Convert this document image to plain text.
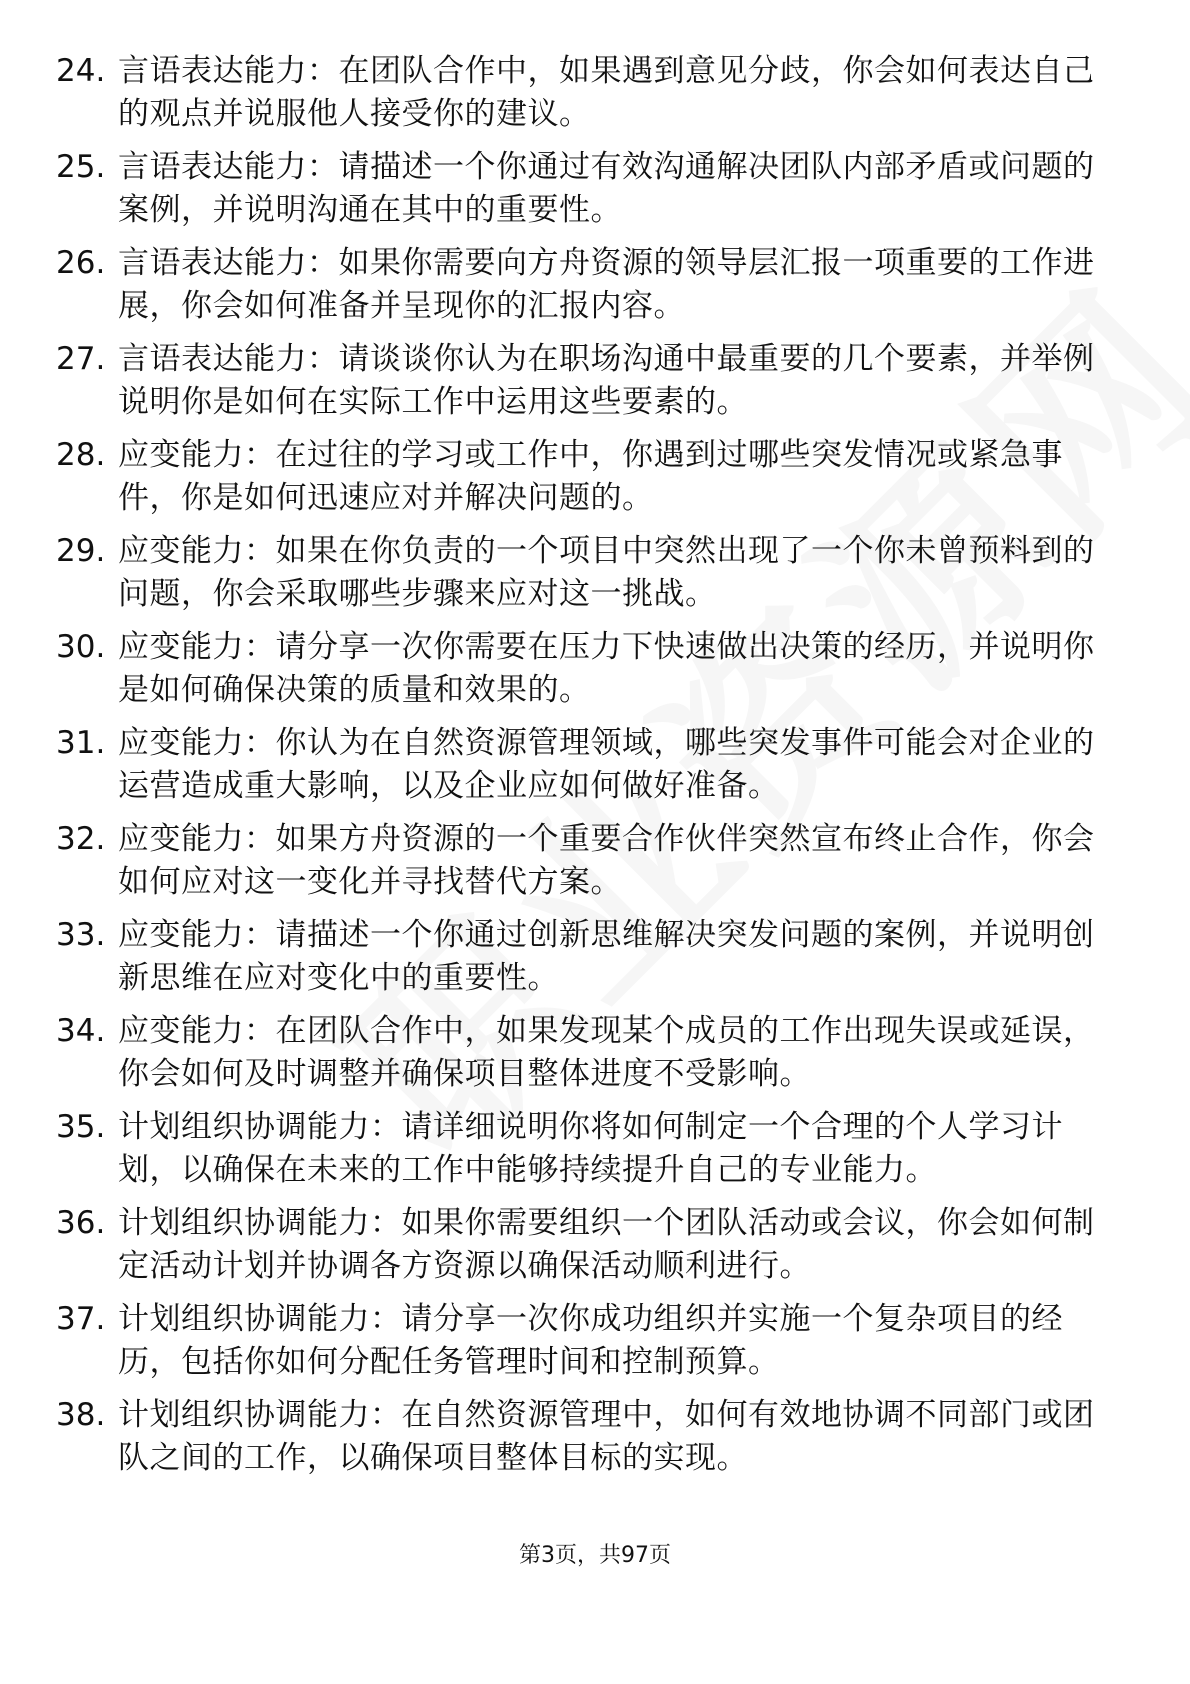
24. 言语表达能力：在团队合作中，如果遇到意见分歧，你会如何表达自己的观点并说服他人接受你的建议。
25. 言语表达能力：请描述一个你通过有效沟通解决团队内部矛盾或问题的案例，并说明沟通在其中的重要性。
26. 言语表达能力：如果你需要向方舟资源的领导层汇报一项重要的工作进展，你会如何准备并呈现你的汇报内容。
27. 言语表达能力：请谈谈你认为在职场沟通中最重要的几个要素，并举例说明你是如何在实际工作中运用这些要素的。
28. 应变能力：在过往的学习或工作中，你遇到过哪些突发情况或紧急事件，你是如何迅速应对并解决问题的。
29. 应变能力：如果在你负责的一个项目中突然出现了一个你未曾预料到的问题，你会采取哪些步骤来应对这一挑战。
30. 应变能力：请分享一次你需要在压力下快速做出决策的经历，并说明你是如何确保决策的质量和效果的。
31. 应变能力：你认为在自然资源管理领域，哪些突发事件可能会对企业的运营造成重大影响，以及企业应如何做好准备。
32. 应变能力：如果方舟资源的一个重要合作伙伴突然宣布终止合作，你会如何应对这一变化并寻找替代方案。
33. 应变能力：请描述一个你通过创新思维解决突发问题的案例，并说明创新思维在应对变化中的重要性。
34. 应变能力：在团队合作中，如果发现某个成员的工作出现失误或延误，你会如何及时调整并确保项目整体进度不受影响。
35. 计划组织协调能力：请详细说明你将如何制定一个合理的个人学习计划，以确保在未来的工作中能够持续提升自己的专业能力。
36. 计划组织协调能力：如果你需要组织一个团队活动或会议，你会如何制定活动计划并协调各方资源以确保活动顺利进行。
37. 计划组织协调能力：请分享一次你成功组织并实施一个复杂项目的经历，包括你如何分配任务管理时间和控制预算。
38. 计划组织协调能力：在自然资源管理中，如何有效地协调不同部门或团队之间的工作，以确保项目整体目标的实现。
第3页，共97页
